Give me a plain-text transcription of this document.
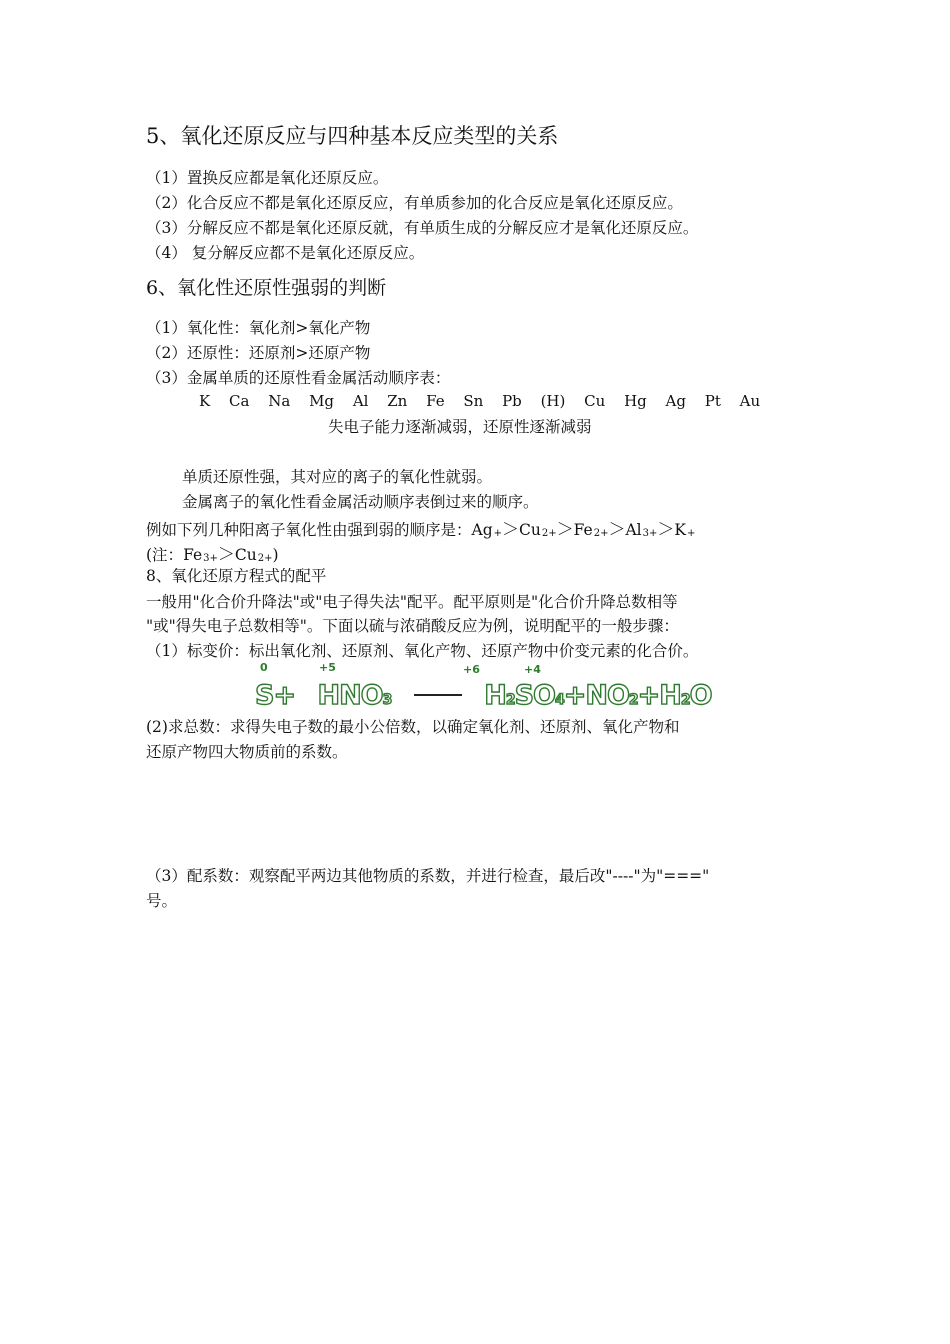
5、氧化还原反应与四种基本反应类型的关系
（1）置换反应都是氧化还原反应。
（2）化合反应不都是氧化还原反应，有单质参加的化合反应是氧化还原反应。
（3）分解反应不都是氧化还原反就，有单质生成的分解反应才是氧化还原反应。
（4） 复分解反应都不是氧化还原反应。
6、氧化性还原性强弱的判断
（1）氧化性：氧化剂>氧化产物
（2）还原性：还原剂>还原产物
（3）金属单质的还原性看金属活动顺序表：
K Ca Na Mg Al Zn Fe Sn Pb (H) Cu Hg Ag Pt Au
失电子能力逐渐减弱，还原性逐渐减弱
单质还原性强，其对应的离子的氧化性就弱。
金属离子的氧化性看金属活动顺序表倒过来的顺序。
例如下列几种阳离子氧化性由强到弱的顺序是：$Ag^+>Cu^{2+}>Fe^{2+}>Al^{3+}>K^+$
(注：$Fe^{3+}>Cu^{2+}$)
8、氧化还原方程式的配平
一般用"化合价升降法"或"电子得失法"配平。配平原则是"化合价升降总数相等
"或"得失电子总数相等"。下面以硫与浓硝酸反应为例，说明配平的一般步骤：
（1）标变价：标出氧化剂、还原剂、氧化产物、还原产物中价变元素的化合价。
0	+5	+6	+4
S+ HNO3	H2SO4+NO2+H2O
(2)求总数：求得失电子数的最小公倍数，以确定氧化剂、还原剂、氧化产物和
还原产物四大物质前的系数。
（3）配系数：观察配平两边其他物质的系数，并进行检查，最后改"----"为"==="
号。
